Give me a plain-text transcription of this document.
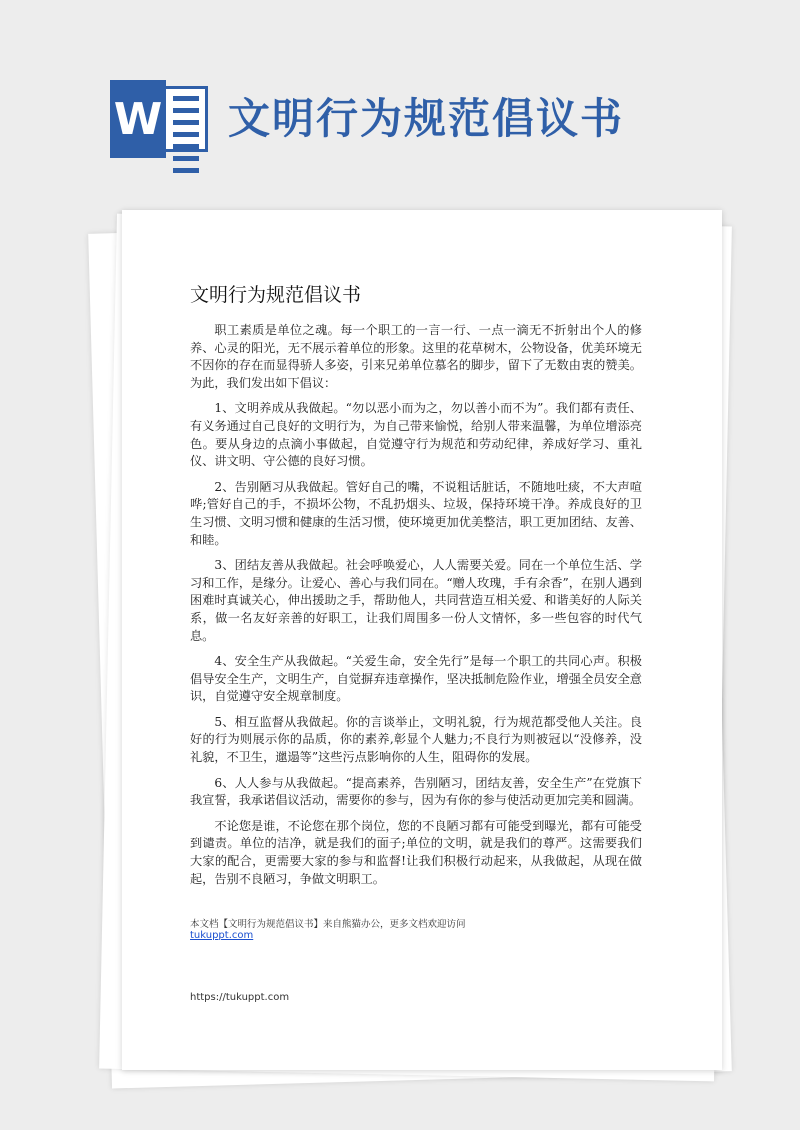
W 文明行为规范倡议书
文明行为规范倡议书

职工素质是单位之魂。每一个职工的一言一行、一点一滴无不折射出个人的修养、心灵的阳光，无不展示着单位的形象。这里的花草树木，公物设备，优美环境无不因你的存在而显得骄人多姿，引来兄弟单位慕名的脚步，留下了无数由衷的赞美。为此，我们发出如下倡议：

1、文明养成从我做起。“勿以恶小而为之，勿以善小而不为”。我们都有责任、有义务通过自己良好的文明行为，为自己带来愉悦，给别人带来温馨，为单位增添亮色。要从身边的点滴小事做起，自觉遵守行为规范和劳动纪律，养成好学习、重礼仪、讲文明、守公德的良好习惯。

2、告别陋习从我做起。管好自己的嘴，不说粗话脏话，不随地吐痰，不大声喧哗;管好自己的手，不损坏公物，不乱扔烟头、垃圾，保持环境干净。养成良好的卫生习惯、文明习惯和健康的生活习惯，使环境更加优美整洁，职工更加团结、友善、和睦。

3、团结友善从我做起。社会呼唤爱心，人人需要关爱。同在一个单位生活、学习和工作，是缘分。让爱心、善心与我们同在。“赠人玫瑰，手有余香”，在别人遇到困难时真诚关心，伸出援助之手，帮助他人，共同营造互相关爱、和谐美好的人际关系，做一名友好亲善的好职工，让我们周围多一份人文情怀，多一些包容的时代气息。

4、安全生产从我做起。“关爱生命，安全先行”是每一个职工的共同心声。积极倡导安全生产，文明生产，自觉摒弃违章操作，坚决抵制危险作业，增强全员安全意识，自觉遵守安全规章制度。

5、相互监督从我做起。你的言谈举止，文明礼貌，行为规范都受他人关注。良好的行为则展示你的品质，你的素养,彰显个人魅力;不良行为则被冠以“没修养，没礼貌，不卫生，邋遢等”这些污点影响你的人生，阻碍你的发展。

6、人人参与从我做起。“提高素养，告别陋习，团结友善，安全生产”在党旗下我宣誓，我承诺倡议活动，需要你的参与，因为有你的参与使活动更加完美和圆满。

不论您是谁，不论您在那个岗位，您的不良陋习都有可能受到曝光，都有可能受到谴责。单位的洁净，就是我们的面子;单位的文明，就是我们的尊严。这需要我们大家的配合，更需要大家的参与和监督!让我们积极行动起来，从我做起，从现在做起，告别不良陋习，争做文明职工。

本文档【文明行为规范倡议书】来自熊猫办公，更多文档欢迎访问
tukuppt.com
https://tukuppt.com
